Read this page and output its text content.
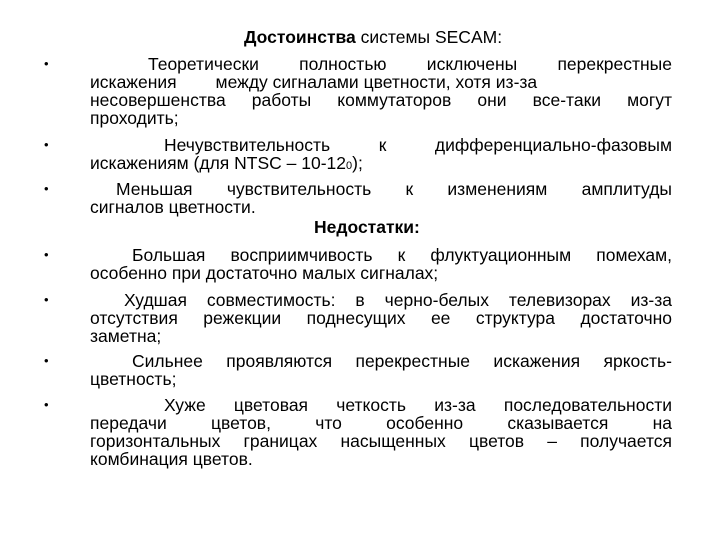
Достоинства системы SECAM:
•	Теоретически полностью исключены перекрестные
искажения        между сигналами цветности, хотя из-за
несовершенства работы коммутаторов они все-таки могут
проходить;
•	Нечувствительность к дифференциально-фазовым
искажениям (для NTSC – 10-120);
•	Меньшая чувствительность к изменениям амплитуды
сигналов цветности.
Недостатки:
•	Большая восприимчивость к флуктуационным помехам,
особенно при достаточно малых сигналах;
•	Худшая совместимость: в черно-белых телевизорах из-за
отсутствия режекции поднесущих ее структура достаточно
заметна;
•	Сильнее проявляются перекрестные искажения яркость-
цветность;
•	Хуже цветовая четкость из-за последовательности
передачи цветов, что особенно сказывается на
горизонтальных границах насыщенных цветов – получается
комбинация цветов.
